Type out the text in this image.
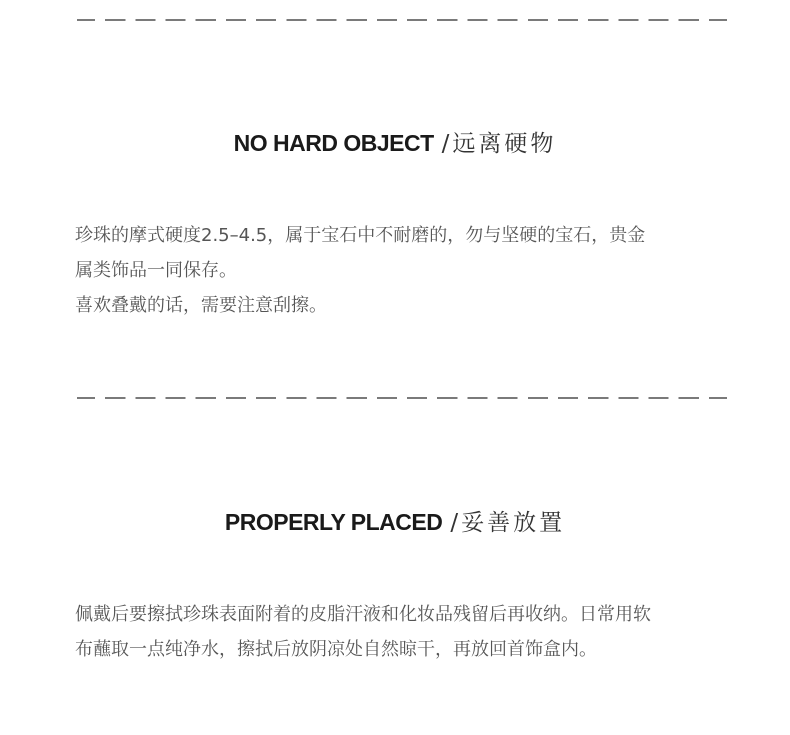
NO HARD OBJECT /远离硬物
珍珠的摩式硬度2.5–4.5，属于宝石中不耐磨的，勿与坚硬的宝石，贵金
属类饰品一同保存。
喜欢叠戴的话，需要注意刮擦。
PROPERLY PLACED /妥善放置
佩戴后要擦拭珍珠表面附着的皮脂汗液和化妆品残留后再收纳。日常用软
布蘸取一点纯净水，擦拭后放阴凉处自然晾干，再放回首饰盒内。
